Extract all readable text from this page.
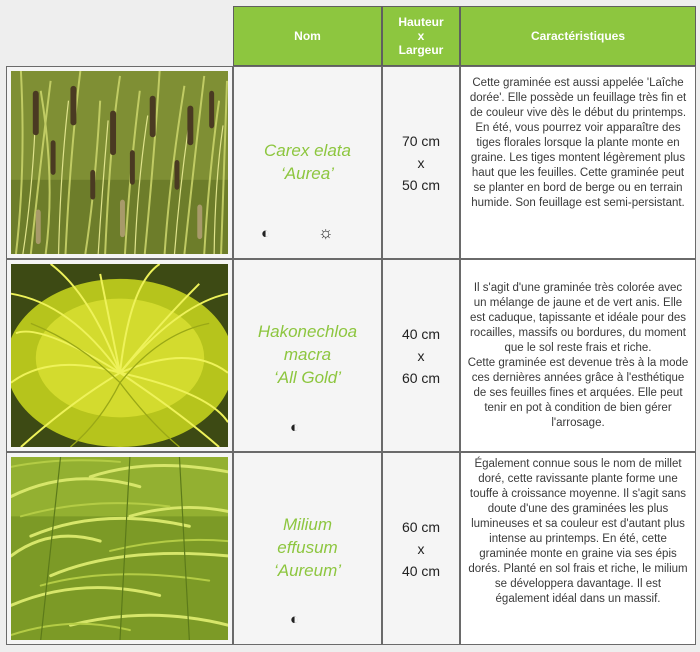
Nom
Hauteur
x
Largeur
Caractéristiques
Carex elata
‘Aurea’
◐	☼
70 cm
x
50 cm
Cette graminée est aussi appelée 'Laîche dorée'. Elle possède un feuillage très fin et de couleur vive dès le début du printemps. En été, vous pourrez voir apparaître des tiges florales lorsque la plante monte en graine. Les tiges montent légèrement plus haut que les feuilles. Cette graminée peut se planter en bord de berge ou en terrain humide. Son feuillage est semi-persistant.
Hakonechloa
macra
‘All Gold’
◐
40 cm
x
60 cm

Il s'agit d'une graminée très colorée avec un mélange de jaune et de vert anis. Elle est caduque, tapissante et idéale pour des rocailles, massifs ou bordures, du moment que le sol reste frais et riche.
Cette graminée est devenue très à la mode ces dernières années grâce à l'esthétique de ses feuilles fines et arquées. Elle peut tenir en pot à condition de bien gérer l'arrosage.

Milium
effusum
‘Aureum’
◐
60 cm
x
40 cm
Également connue sous le nom de millet doré, cette ravissante plante forme une touffe à croissance moyenne. Il s'agit sans doute d'une des graminées les plus lumineuses et sa couleur est d'autant plus intense au printemps. En été, cette graminée monte en graine via ses épis dorés. Planté en sol frais et riche, le milium se développera davantage. Il est également idéal dans un massif.
